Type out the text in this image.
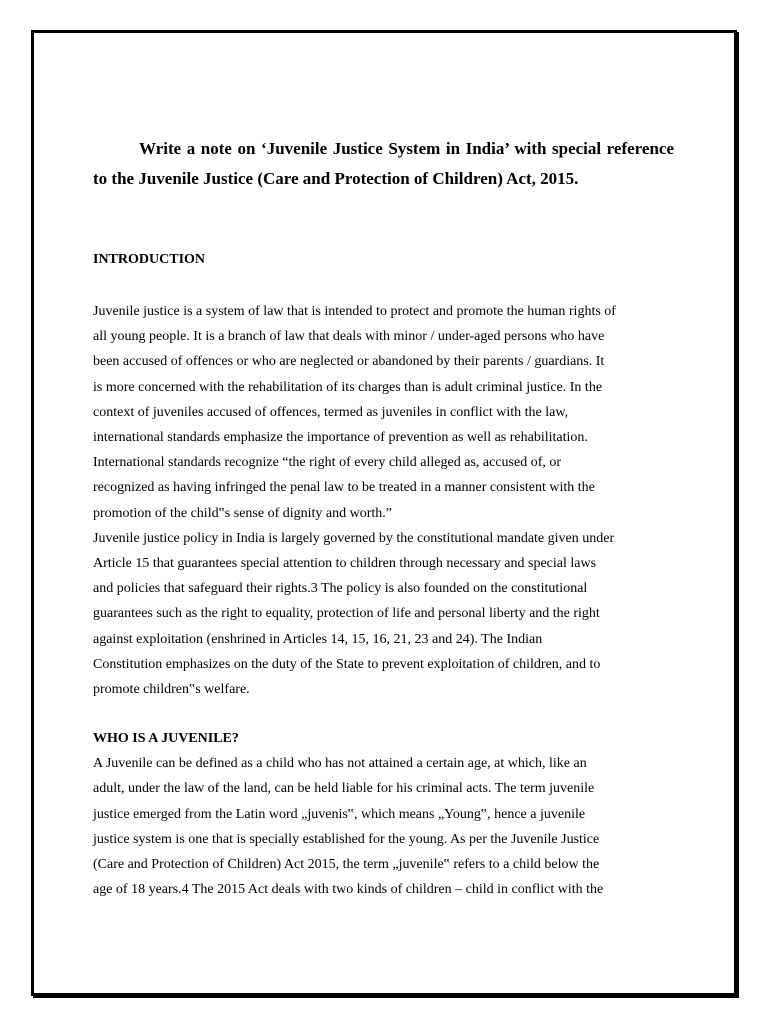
Write a note on ‘Juvenile Justice System in India’ with special reference to the Juvenile Justice (Care and Protection of Children) Act, 2015.

INTRODUCTION

Juvenile justice is a system of law that is intended to protect and promote the human rights of
all young people. It is a branch of law that deals with minor / under-aged persons who have
been accused of offences or who are neglected or abandoned by their parents / guardians. It
is more concerned with the rehabilitation of its charges than is adult criminal justice. In the
context of juveniles accused of offences, termed as juveniles in conflict with the law,
international standards emphasize the importance of prevention as well as rehabilitation.
International standards recognize “the right of every child alleged as, accused of, or
recognized as having infringed the penal law to be treated in a manner consistent with the
promotion of the child‟s sense of dignity and worth.”

Juvenile justice policy in India is largely governed by the constitutional mandate given under
Article 15 that guarantees special attention to children through necessary and special laws
and policies that safeguard their rights.3 The policy is also founded on the constitutional
guarantees such as the right to equality, protection of life and personal liberty and the right
against exploitation (enshrined in Articles 14, 15, 16, 21, 23 and 24). The Indian
Constitution emphasizes on the duty of the State to prevent exploitation of children, and to
promote children‟s welfare.

WHO IS A JUVENILE?

A Juvenile can be defined as a child who has not attained a certain age, at which, like an
adult, under the law of the land, can be held liable for his criminal acts. The term juvenile
justice emerged from the Latin word „juvenis‟, which means „Young‟, hence a juvenile
justice system is one that is specially established for the young. As per the Juvenile Justice
(Care and Protection of Children) Act 2015, the term „juvenile‟ refers to a child below the
age of 18 years.4 The 2015 Act deals with two kinds of children – child in conflict with the
